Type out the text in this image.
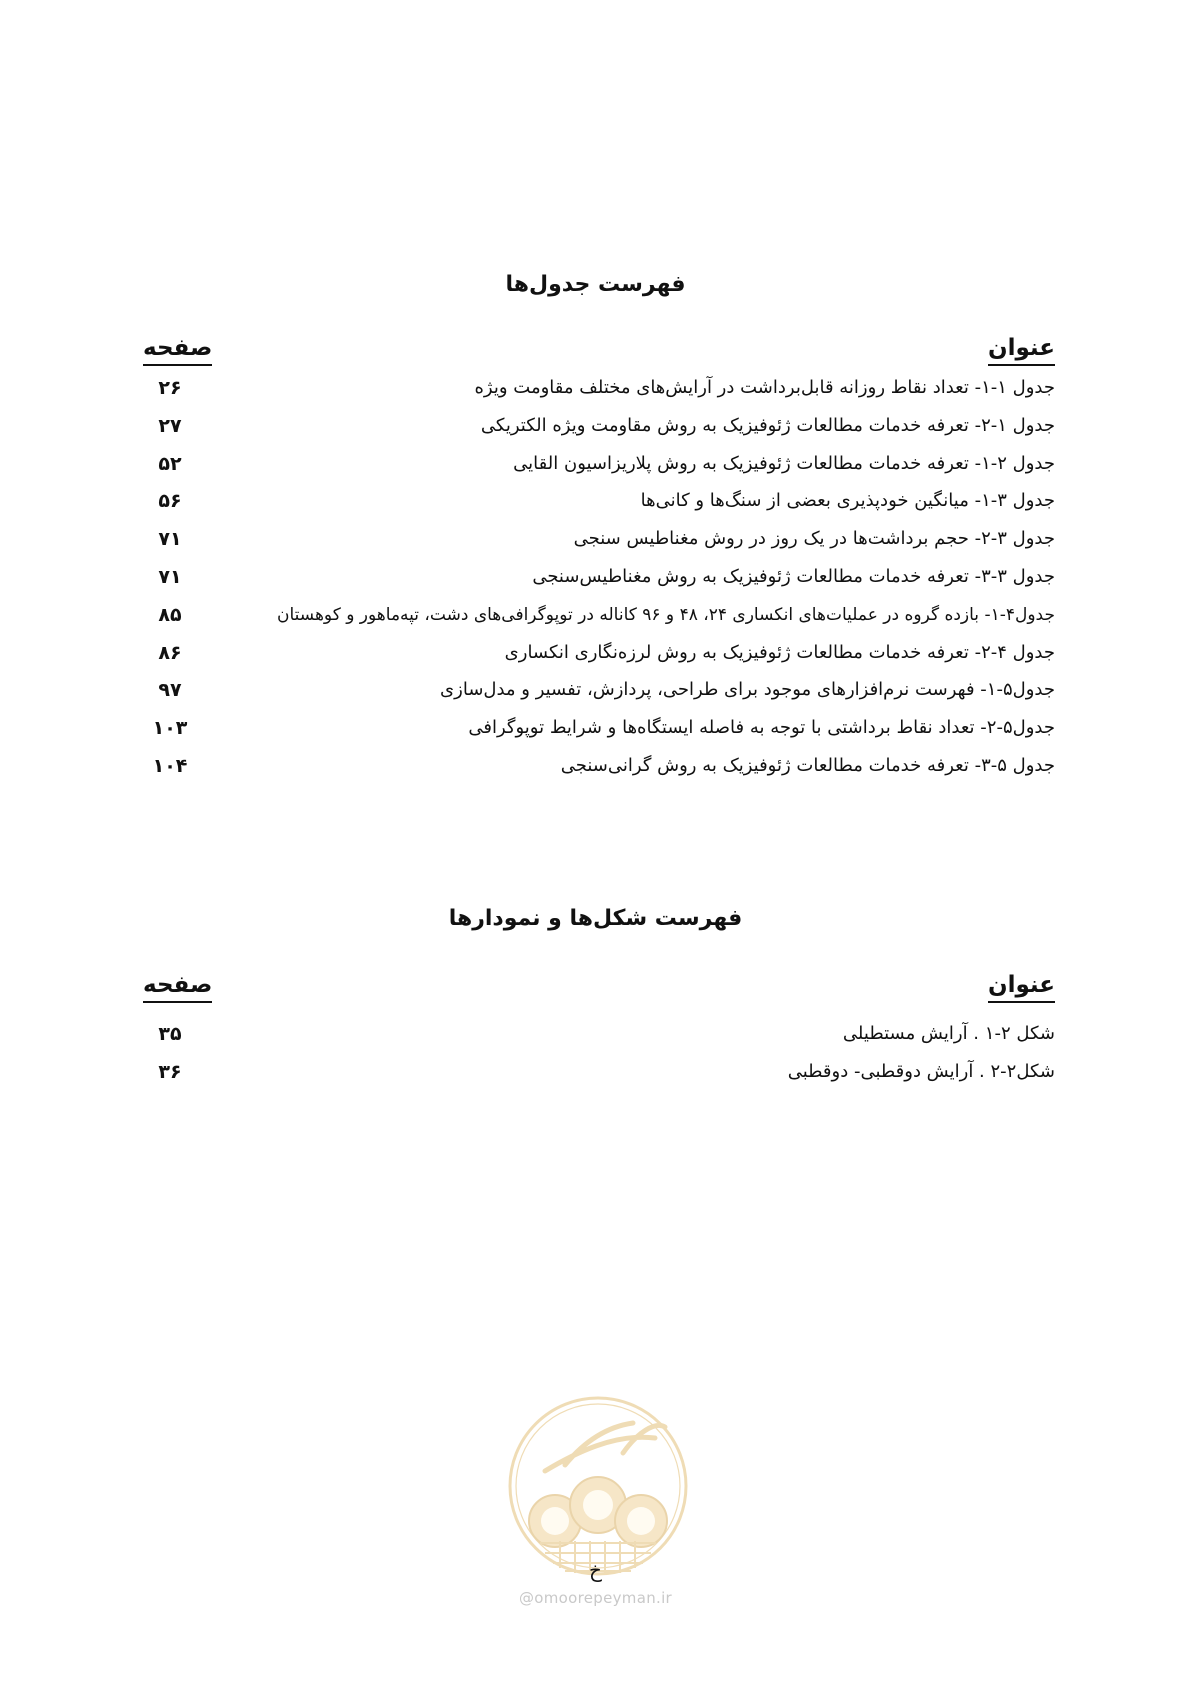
فهرست جدول‌ها
عنوان
صفحه
جدول ۱-۱- تعداد نقاط روزانه قابل‌برداشت در آرایش‌های مختلف مقاومت ویژه
۲۶
جدول ۱-۲- تعرفه خدمات مطالعات ژئوفیزیک به روش مقاومت ویژه الکتریکی
۲۷
جدول ۲-۱- تعرفه خدمات مطالعات ژئوفیزیک به روش پلاریزاسیون القایی
۵۲
جدول ۳-۱- میانگین خودپذیری بعضی از سنگ‌ها و کانی‌ها
۵۶
جدول ۳-۲- حجم برداشت‌ها در یک روز در روش مغناطیس سنجی
۷۱
جدول ۳-۳- تعرفه خدمات مطالعات ژئوفیزیک به روش مغناطیس‌سنجی
۷۱
جدول۴-۱- بازده گروه در عملیات‌های انکساری ۲۴، ۴۸ و ۹۶ کاناله در توپوگرافی‌های دشت، تپه‌ماهور و کوهستان
۸۵
جدول ۴-۲- تعرفه خدمات مطالعات ژئوفیزیک به روش لرزه‌نگاری انکساری
۸۶
جدول۵-۱- فهرست نرم‌افزارهای موجود برای طراحی، پردازش، تفسیر و مدل‌سازی
۹۷
جدول۵-۲- تعداد نقاط برداشتی با توجه به فاصله ایستگاه‌ها و شرایط توپوگرافی
۱۰۳
جدول ۵-۳- تعرفه خدمات مطالعات ژئوفیزیک به روش گرانی‌سنجی
۱۰۴
فهرست شکل‌ها و نمودارها
عنوان
صفحه
شکل ۲-۱ . آرایش مستطیلی
۳۵
شکل۲-۲ . آرایش دوقطبی- دوقطبی
۳۶
خ
@omoorepeyman.ir
